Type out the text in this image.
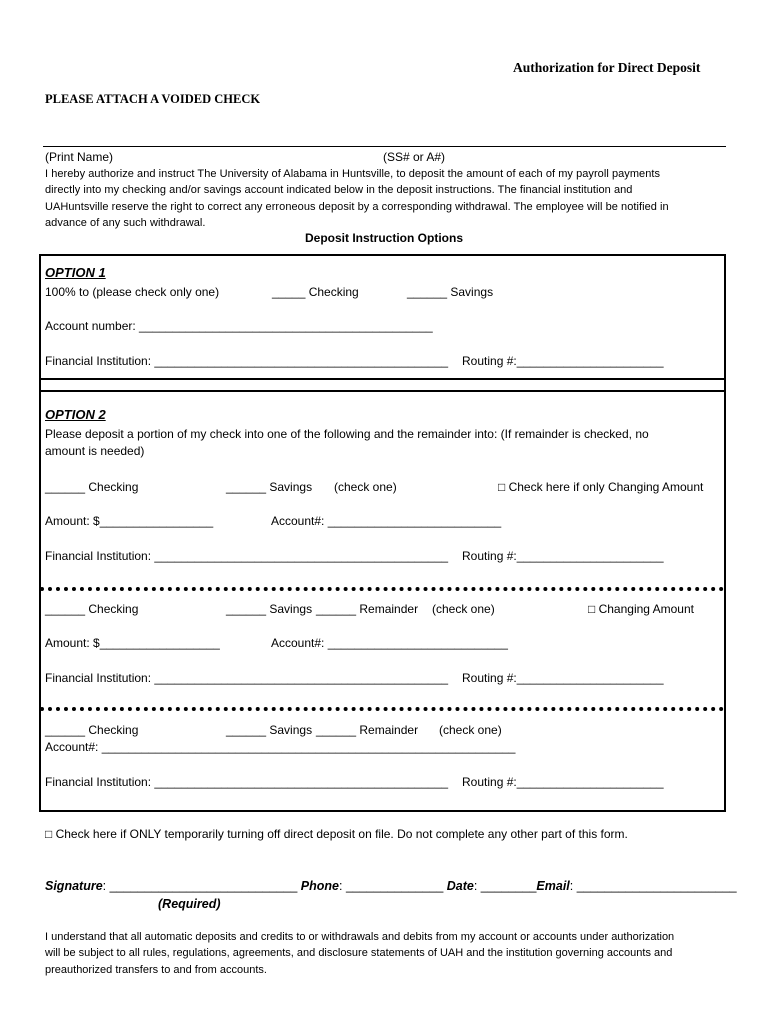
Authorization for Direct Deposit
PLEASE ATTACH A VOIDED CHECK
(Print Name)	(SS# or A#)
I hereby authorize and instruct The University of Alabama in Huntsville, to deposit the amount of each of my payroll payments
directly into my checking and/or savings account indicated below in the deposit instructions. The financial institution and
UAHuntsville reserve the right to correct any erroneous deposit by a corresponding withdrawal. The employee will be notified in
advance of any such withdrawal.
Deposit Instruction Options
OPTION 1
100% to (please check only one)	_____ Checking	______ Savings
Account number: ____________________________________________
Financial Institution: ____________________________________________ Routing #:______________________
OPTION 2
Please deposit a portion of my check into one of the following and the remainder into: (If remainder is checked, no
amount is needed)
______ Checking	______ Savings (check one)	□ Check here if only Changing Amount
Amount: $_________________	Account#: __________________________
Financial Institution: ____________________________________________ Routing #:______________________
______ Checking	______ Savings ______ Remainder (check one)	□ Changing Amount
Amount: $__________________	Account#: ___________________________
Financial Institution: ____________________________________________ Routing #:______________________
______ Checking	______ Savings ______ Remainder (check one)
Account#: ______________________________________________________________
Financial Institution: ____________________________________________ Routing #:______________________
□ Check here if ONLY temporarily turning off direct deposit on file. Do not complete any other part of this form.
Signature: ___________________________ Phone: ______________ Date: ________Email: _______________________
(Required)
I understand that all automatic deposits and credits to or withdrawals and debits from my account or accounts under authorization
will be subject to all rules, regulations, agreements, and disclosure statements of UAH and the institution governing accounts and
preauthorized transfers to and from accounts.
